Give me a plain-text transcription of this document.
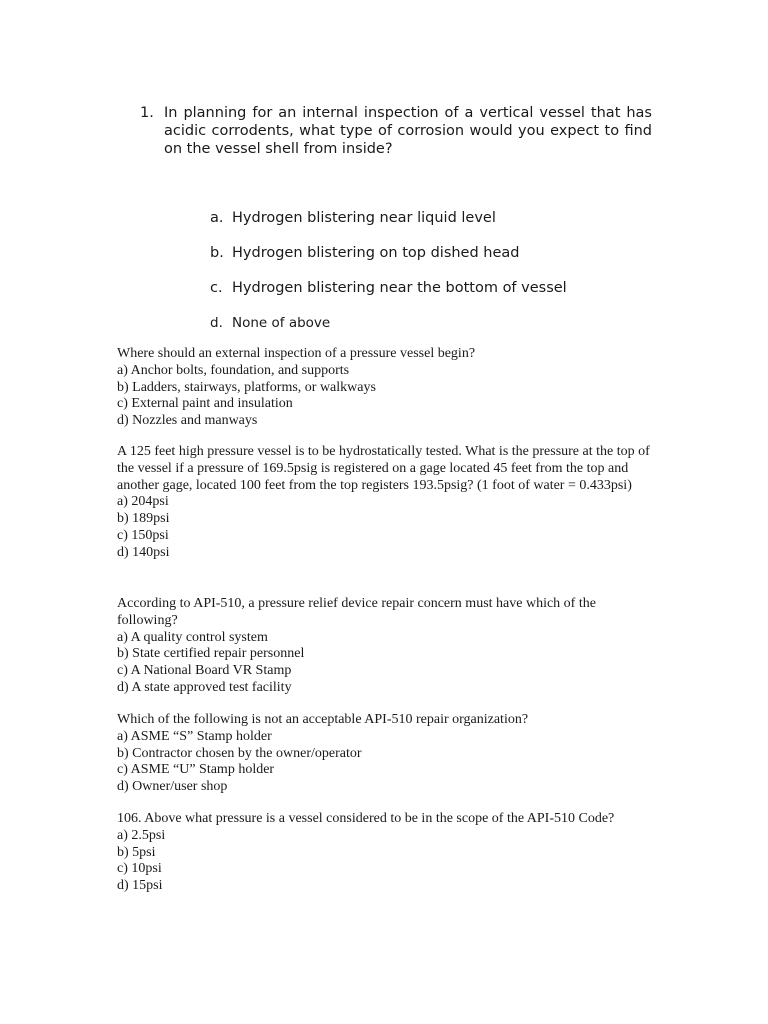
1. In planning for an internal inspection of a vertical vessel that has acidic corrodents, what type of corrosion would you expect to find on the vessel shell from inside?
a. Hydrogen blistering near liquid level
b. Hydrogen blistering on top dished head
c. Hydrogen blistering near the bottom of vessel
d. None of above

Where should an external inspection of a pressure vessel begin?

a) Anchor bolts, foundation, and supports

b) Ladders, stairways, platforms, or walkways

c) External paint and insulation

d) Nozzles and manways

A 125 feet high pressure vessel is to be hydrostatically tested. What is the pressure at the top of the vessel if a pressure of 169.5psig is registered on a gage located 45 feet from the top and another gage, located 100 feet from the top registers 193.5psig? (1 foot of water = 0.433psi)

a) 204psi

b) 189psi

c) 150psi

d) 140psi

According to API-510, a pressure relief device repair concern must have which of the following?

a) A quality control system

b) State certified repair personnel

c) A National Board VR Stamp

d) A state approved test facility

Which of the following is not an acceptable API-510 repair organization?

a) ASME “S” Stamp holder

b) Contractor chosen by the owner/operator

c) ASME “U” Stamp holder

d) Owner/user shop

106. Above what pressure is a vessel considered to be in the scope of the API-510 Code?

a) 2.5psi

b) 5psi

c) 10psi

d) 15psi
